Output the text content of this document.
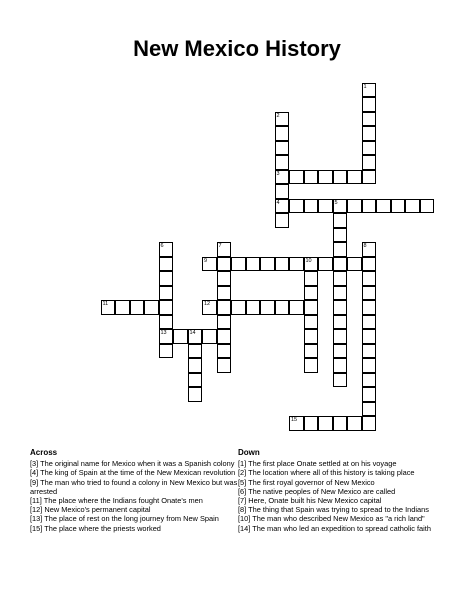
New Mexico History
1
2
3
4	5
6
13
7	8
9	10
11	12
14
15
Across
[3] The original name for Mexico when it was a Spanish colony
[4] The king of Spain at the time of the New Mexican revolution
[9] The man who tried to found a colony in New Mexico but was arrested
[11] The place where the Indians fought Onate's men
[12] New Mexico's permanent capital
[13] The place of rest on the long journey from New Spain
[15] The place where the priests worked
Down
[1] The first place Onate settled at on his voyage
[2] The location where all of this history is taking place
[5] The first royal governor of New Mexico
[6] The native peoples of New Mexico are called
[7] Here, Onate built his New Mexico capital
[8] The thing that Spain was trying to spread to the Indians
[10] The man who described New Mexico as "a rich land"
[14] The man who led an expedition to spread catholic faith
